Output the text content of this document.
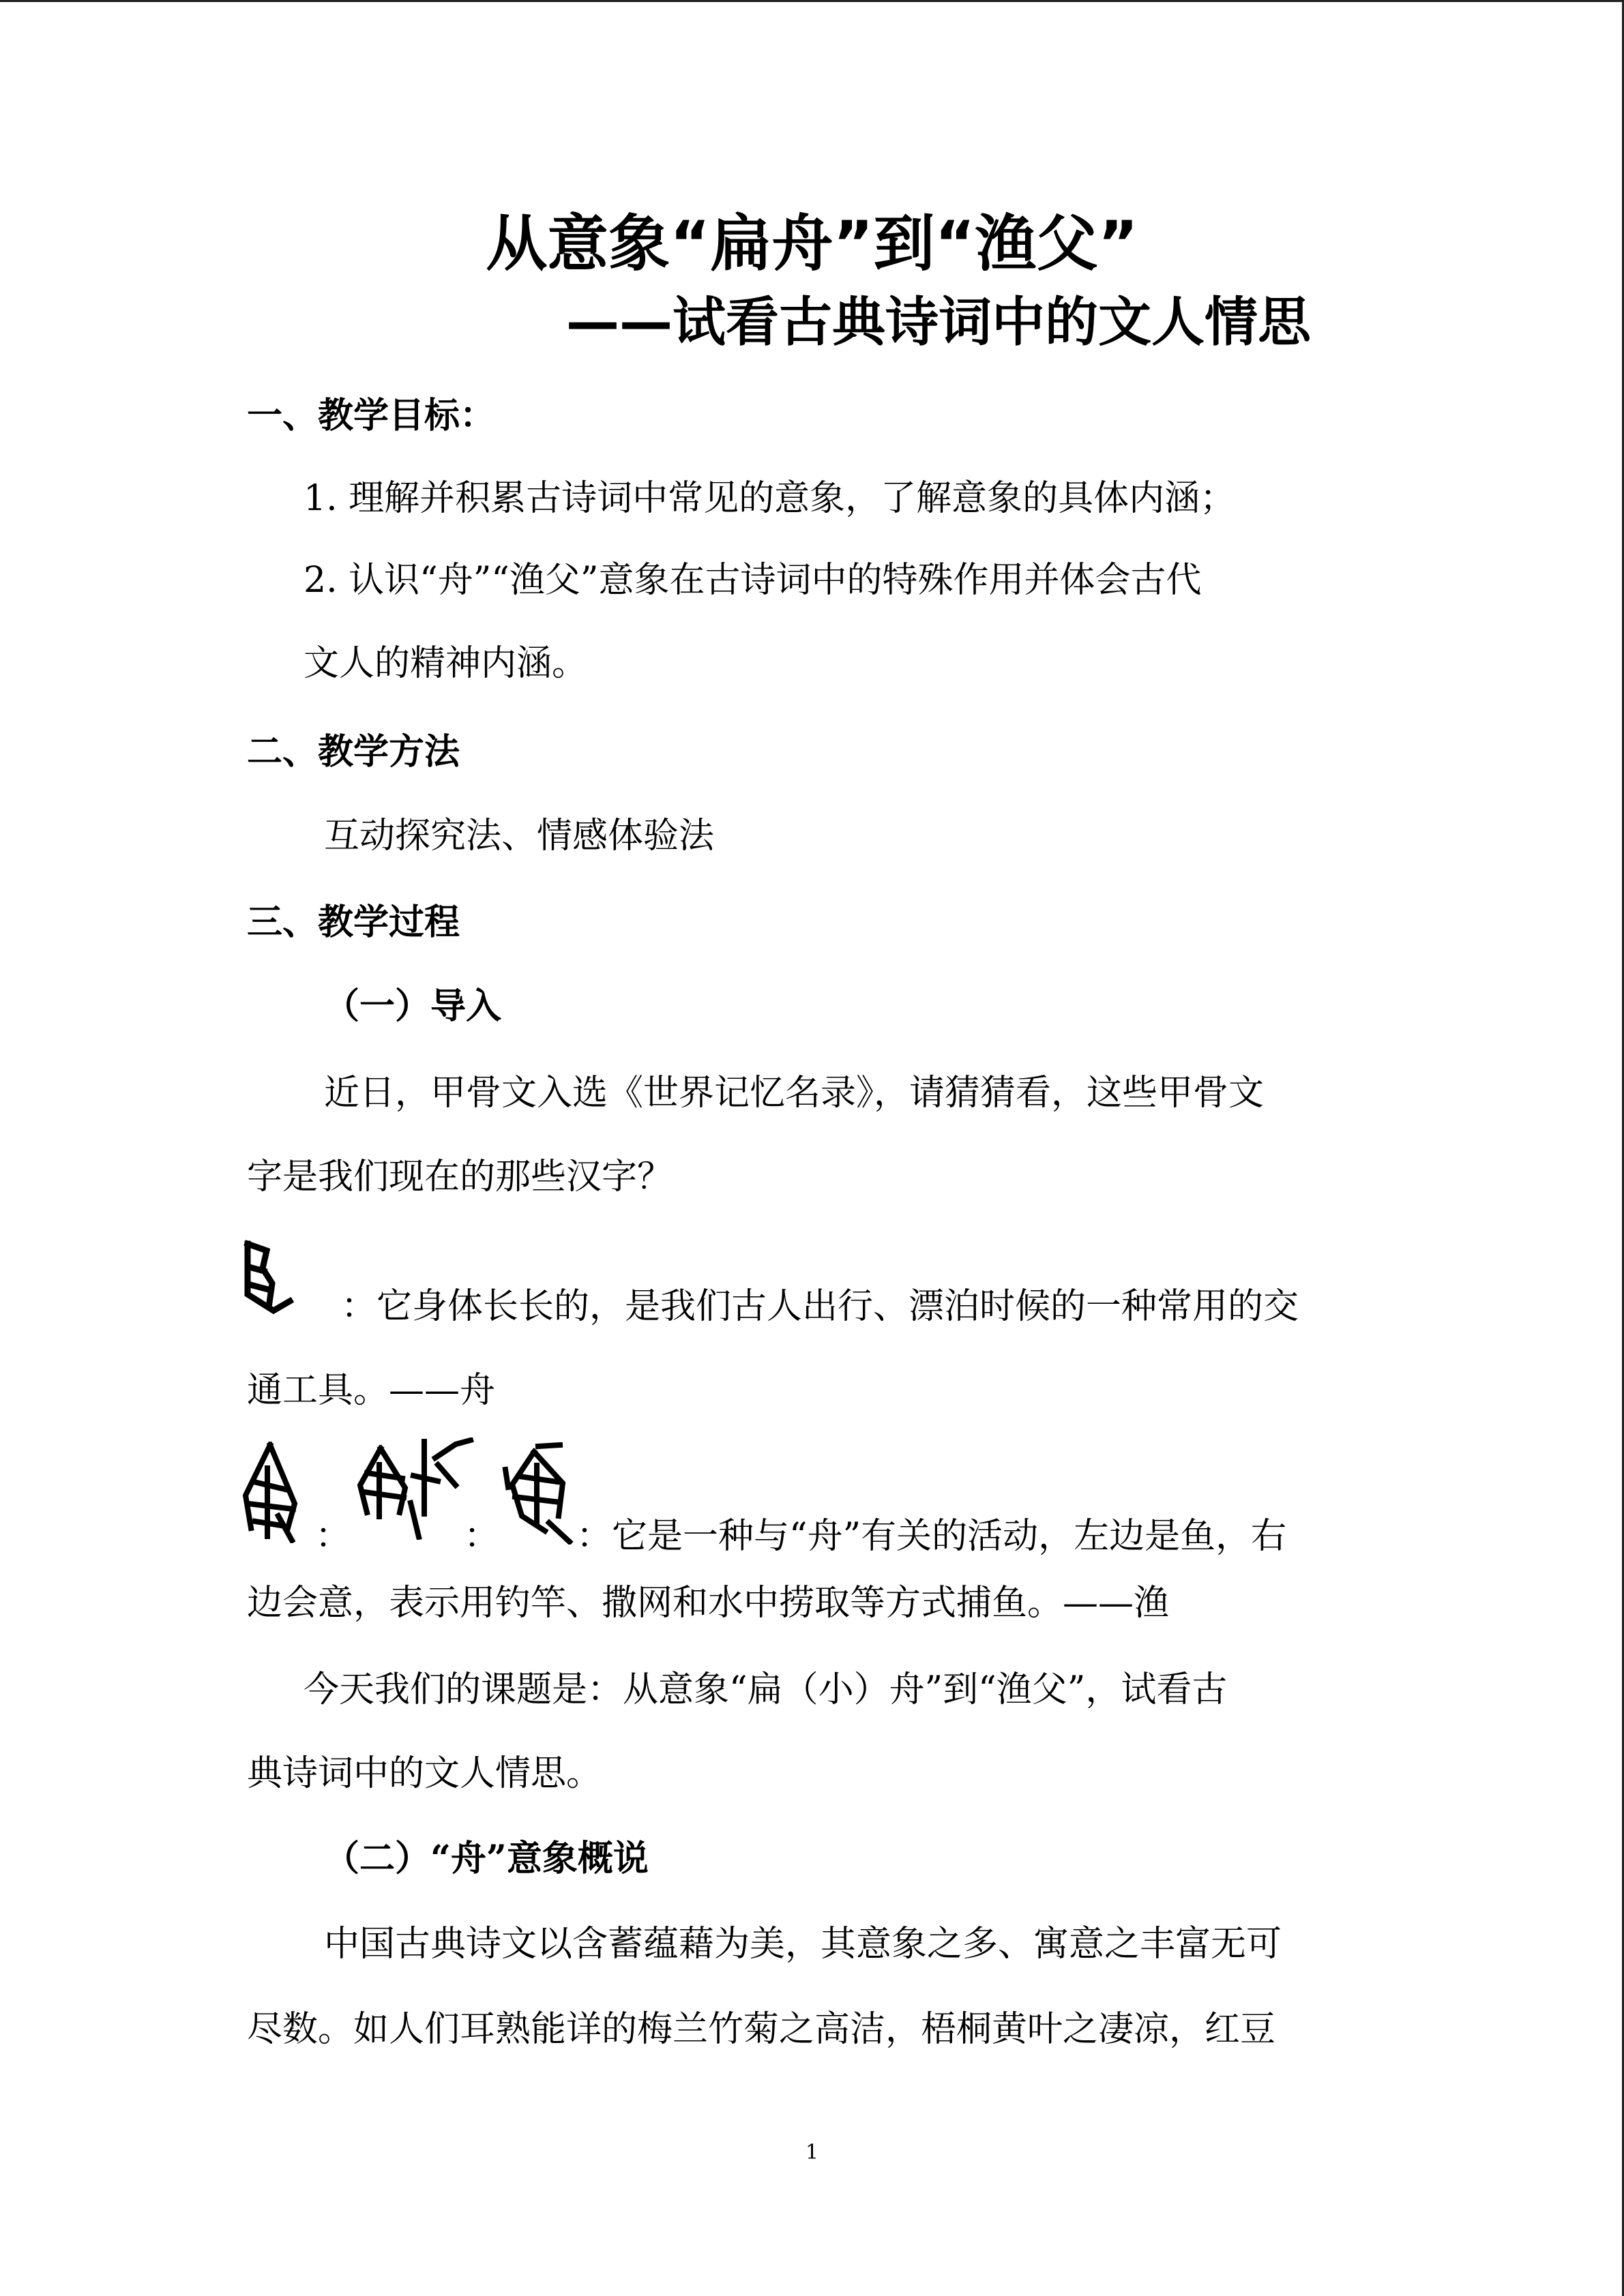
从意象“扁舟”到“渔父”
——试看古典诗词中的文人情思
一、教学目标：
1. 理解并积累古诗词中常见的意象，了解意象的具体内涵；
2. 认识“舟”“渔父”意象在古诗词中的特殊作用并体会古代
文人的精神内涵。
二、教学方法
互动探究法、情感体验法
三、教学过程
（一）导入
近日，甲骨文入选《世界记忆名录》，请猜猜看，这些甲骨文
字是我们现在的那些汉字？
：它身体长长的，是我们古人出行、漂泊时候的一种常用的交
通工具。——舟
：	： ：它是一种与“舟”有关的活动，左边是鱼，右
边会意，表示用钓竿、撒网和水中捞取等方式捕鱼。——渔
今天我们的课题是：从意象“扁（小）舟”到“渔父”，试看古
典诗词中的文人情思。
（二）“舟”意象概说
中国古典诗文以含蓄蕴藉为美，其意象之多、寓意之丰富无可
尽数。如人们耳熟能详的梅兰竹菊之高洁，梧桐黄叶之凄凉，红豆
1
